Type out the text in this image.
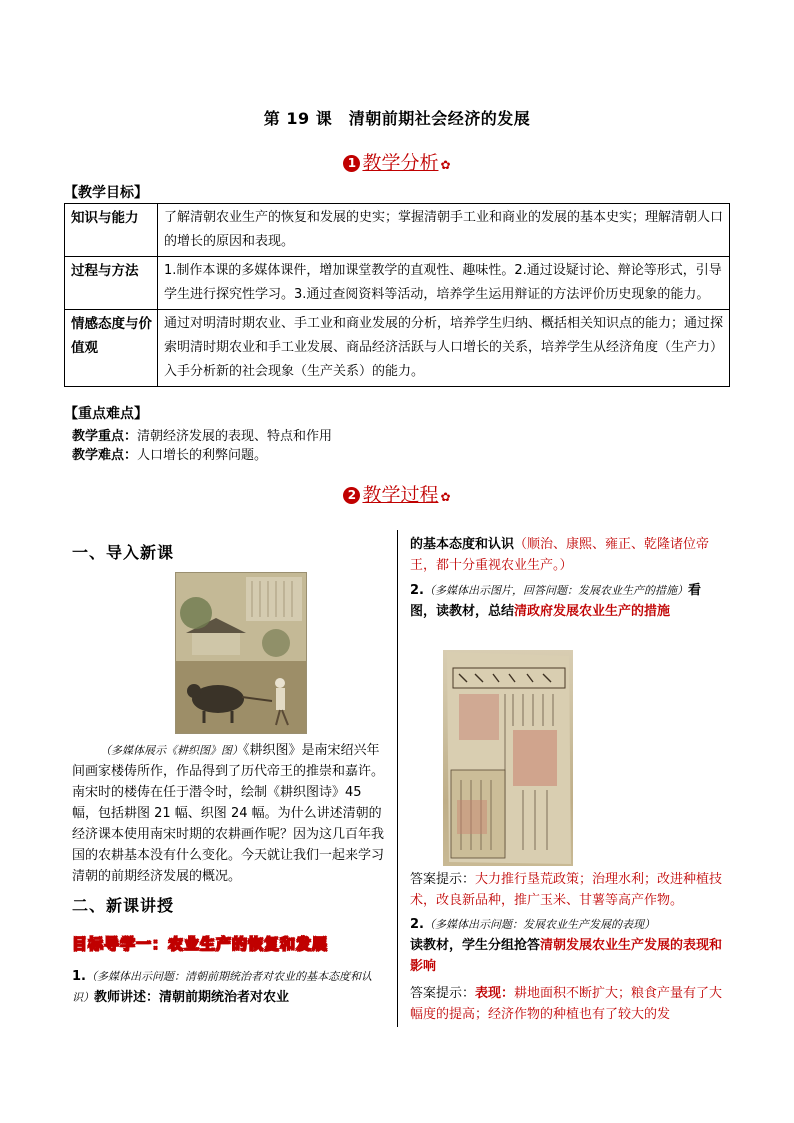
第 19 课　清朝前期社会经济的发展
1 教学分析 ✿
【教学目标】
知识与能力	了解清朝农业生产的恢复和发展的史实；掌握清朝手工业和商业的发展的基本史实；理解清朝人口的增长的原因和表现。
过程与方法	1.制作本课的多媒体课件，增加课堂教学的直观性、趣味性。2.通过设疑讨论、辩论等形式，引导学生进行探究性学习。3.通过查阅资料等活动，培养学生运用辩证的方法评价历史现象的能力。
情感态度与价值观	通过对明清时期农业、手工业和商业发展的分析，培养学生归纳、概括相关知识点的能力；通过探索明清时期农业和手工业发展、商品经济活跃与人口增长的关系，培养学生从经济角度（生产力）入手分析新的社会现象（生产关系）的能力。
【重点难点】
教学重点：清朝经济发展的表现、特点和作用
教学难点：人口增长的利弊问题。
2 教学过程 ✿
一、导入新课
（多媒体展示《耕织图》图）《耕织图》是南宋绍兴年间画家楼俦所作，作品得到了历代帝王的推崇和嘉许。南宋时的楼俦在任于潜令时，绘制《耕织图诗》45幅，包括耕图 21 幅、织图 24 幅。为什么讲述清朝的经济课本使用南宋时期的农耕画作呢？因为这几百年我国的农耕基本没有什么变化。今天就让我们一起来学习清朝的前期经济发展的概况。
二、新课讲授
目标导学一：农业生产的恢复和发展
1.（多媒体出示问题：清朝前期统治者对农业的基本态度和认识）教师讲述：清朝前期统治者对农业
的基本态度和认识（顺治、康熙、雍正、乾隆诸位帝王，都十分重视农业生产。）
2.（多媒体出示图片，回答问题：发展农业生产的措施）看图，读教材，总结清政府发展农业生产的措施
答案提示：大力推行垦荒政策；治理水利；改进种植技术，改良新品种，推广玉米、甘薯等高产作物。
2.（多媒体出示问题：发展农业生产发展的表现）
读教材，学生分组抢答清朝发展农业生产发展的表现和影响
答案提示：表现：耕地面积不断扩大；粮食产量有了大幅度的提高；经济作物的种植也有了较大的发
